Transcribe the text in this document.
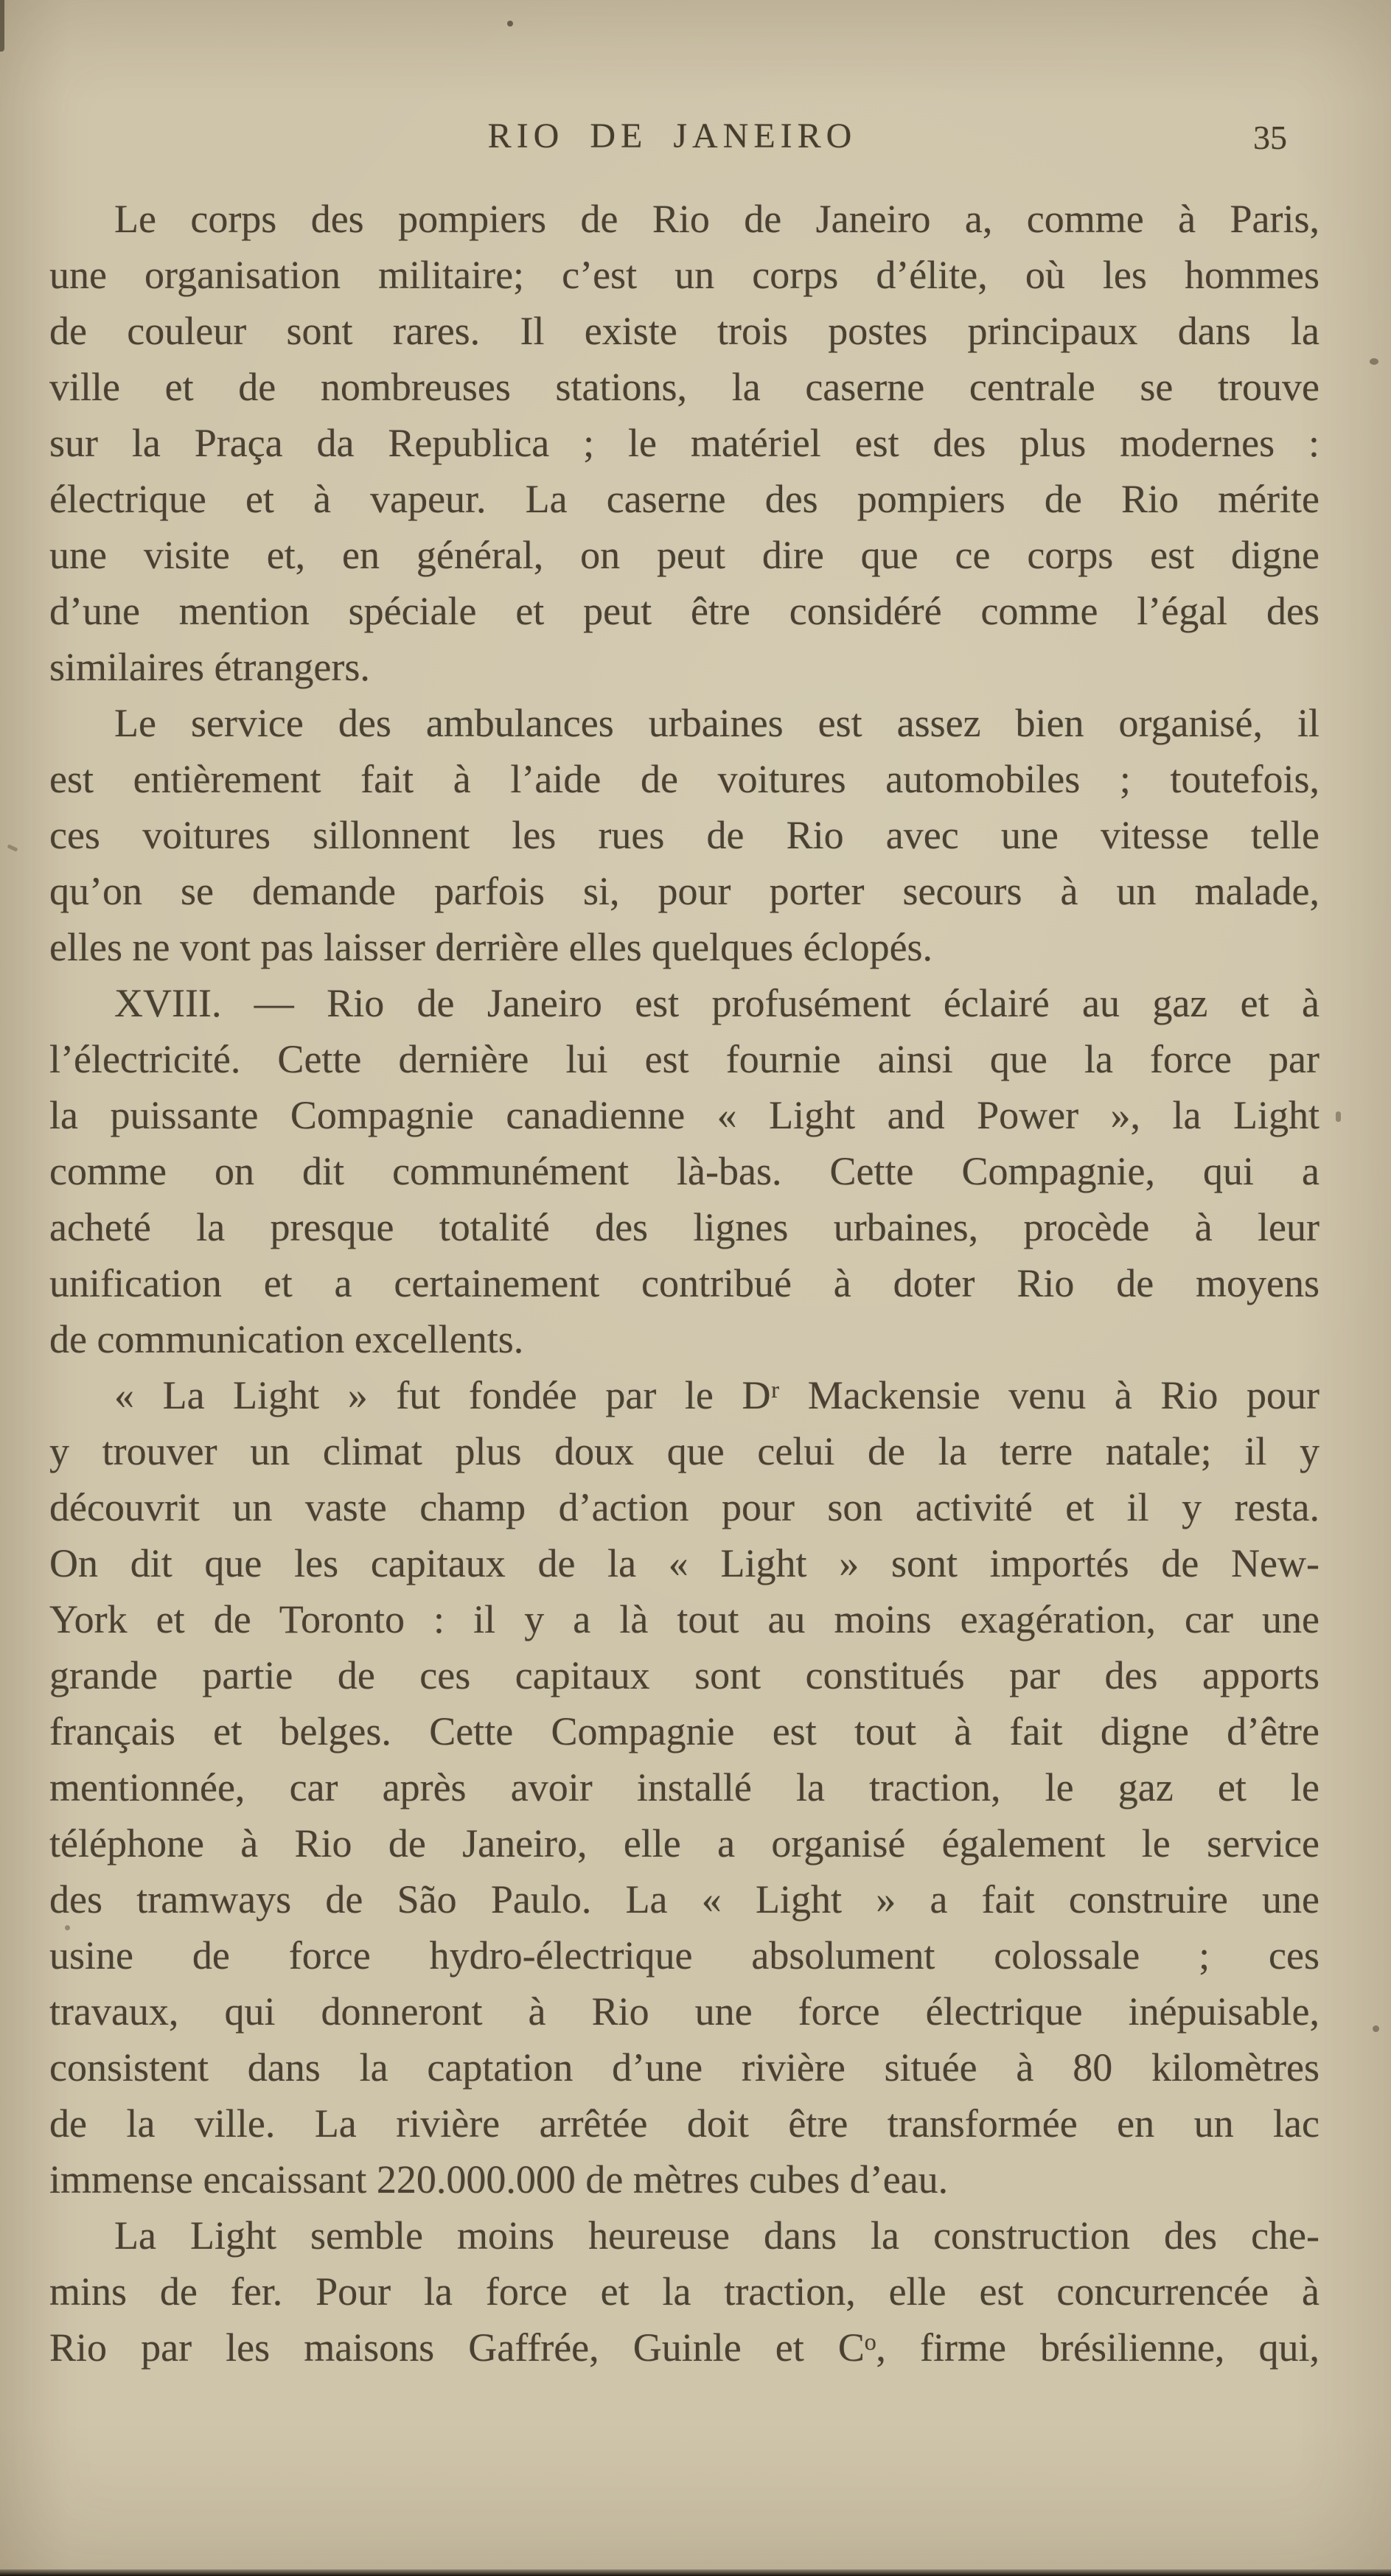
RIO DE JANEIRO	35
Le corps des pompiers de Rio de Janeiro a, comme à Paris,
une organisation militaire; c’est un corps d’élite, où les hommes
de couleur sont rares. Il existe trois postes principaux dans la
ville et de nombreuses stations, la caserne centrale se trouve
sur la Praça da Republica ; le matériel est des plus modernes :
électrique et à vapeur. La caserne des pompiers de Rio mérite
une visite et, en général, on peut dire que ce corps est digne
d’une mention spéciale et peut être considéré comme l’égal des
similaires étrangers.
Le service des ambulances urbaines est assez bien organisé, il
est entièrement fait à l’aide de voitures automobiles ; toutefois,
ces voitures sillonnent les rues de Rio avec une vitesse telle
qu’on se demande parfois si, pour porter secours à un malade,
elles ne vont pas laisser derrière elles quelques éclopés.
XVIII. — Rio de Janeiro est profusément éclairé au gaz et à
l’électricité. Cette dernière lui est fournie ainsi que la force par
la puissante Compagnie canadienne « Light and Power », la Light
comme on dit communément là-bas. Cette Compagnie, qui a
acheté la presque totalité des lignes urbaines, procède à leur
unification et a certainement contribué à doter Rio de moyens
de communication excellents.
« La Light » fut fondée par le Dʳ Mackensie venu à Rio pour
y trouver un climat plus doux que celui de la terre natale; il y
découvrit un vaste champ d’action pour son activité et il y resta.
On dit que les capitaux de la « Light » sont importés de New-
York et de Toronto : il y a là tout au moins exagération, car une
grande partie de ces capitaux sont constitués par des apports
français et belges. Cette Compagnie est tout à fait digne d’être
mentionnée, car après avoir installé la traction, le gaz et le
téléphone à Rio de Janeiro, elle a organisé également le service
des tramways de São Paulo. La « Light » a fait construire une
usine de force hydro-électrique absolument colossale ; ces
travaux, qui donneront à Rio une force électrique inépuisable,
consistent dans la captation d’une rivière située à 80 kilomètres
de la ville. La rivière arrêtée doit être transformée en un lac
immense encaissant 220.000.000 de mètres cubes d’eau.
La Light semble moins heureuse dans la construction des che-
mins de fer. Pour la force et la traction, elle est concurrencée à
Rio par les maisons Gaffrée, Guinle et Cᵒ, firme brésilienne, qui,
